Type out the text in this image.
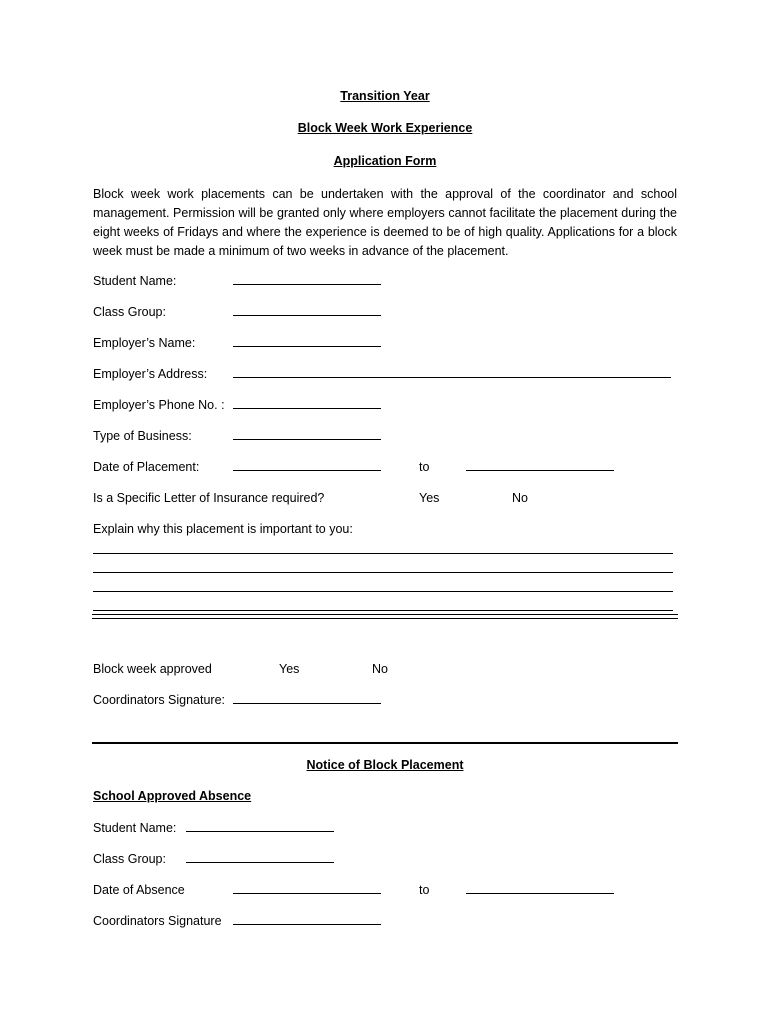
Transition Year
Block Week Work Experience
Application Form
Block week work placements can be undertaken with the approval of the coordinator and school management. Permission will be granted only where employers cannot facilitate the placement during the eight weeks of Fridays and where the experience is deemed to be of high quality. Applications for a block week must be made a minimum of two weeks in advance of the placement.
Student Name:
Class Group:
Employer’s Name:
Employer’s Address:
Employer’s Phone No. :
Type of Business:
Date of Placement:	to
Is a Specific Letter of Insurance required?	Yes	No
Explain why this placement is important to you:
Block week approved	Yes	No
Coordinators Signature:
Notice of Block Placement
School Approved Absence
Student Name:
Class Group:
Date of Absence	to
Coordinators Signature
